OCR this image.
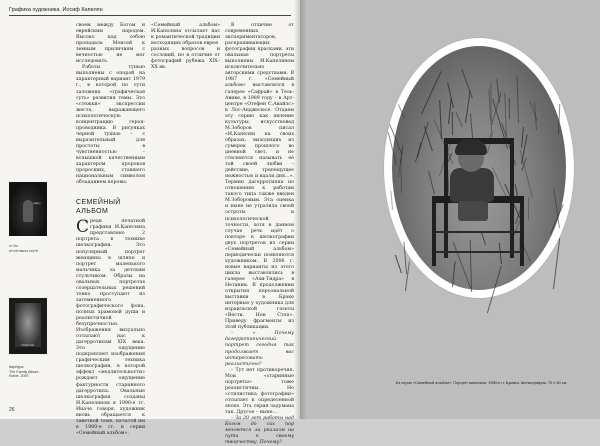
Графика художника. Иосиф Капелян
gallery
גלריה
תיקים המשפחתיים
KAPELYAN
Кaprtypa
The Family Album.
Echet. 2007.

своем между Богом и еврейским народом. Высоко над собою пропадала Моисей к земным приличиям с вечностью не мог исследовать.

Работы тушью выполнены с опорой на характерный вариант 1979 г., в которой по сути заложена «графическая суть» развития темы. Это «стежки» экспрессии жеста, выражающего психологическую концентрацию героя-проводника. В рисунках черной тушью – с выразительный для простоты в чувственностью – вспышкой качественным характером пророков проросших, ставшего национальным символом обладанием керовы.

СЕМЕЙНЫЙ АЛЬБОМ

Среди печатной графики И.Капеляна представлено 2 портрета в технике шелкографии. Это популярный портрет женщины в шляпе и портрет маленького мальчика за детским стульчиком. Образы на овальных портретах созерцательных решений тонко проступают из затемненного фотографического фона, полных храмовой души и реалистичной безупречностью. Изображения визуально отсылают нас к дагерротипам XIX века. Это ощущение подкрепляет изображения графическим техника шелкографии, в которой эффект «медлительности» рождает ощущение фактурности старинного дагерротипа. Овальные шелкографии созданы И.Капеляном в 1990-е гг. Иначе говоря, художник вновь обращается к заветной теме, начатой им в 1980-е гг. в серии «Семейный альбом».

«Семейный альбом» И.Капеляна отсылает нас к романтической традиции восходящих образов еврея

разных вопросов и сословий, но в отличие от фотографий рубежа XIX–XX вв.

В отличие от современных экспериментаторов, раскрашивающих фотографии красками, эти овальные портреты выполнены И.Капеляном исключительно авторскими средствами. В 1987 г. «Семейный альбом» выставлялся в галерее «Сафрай» в Тель-Авиве, в 1989 году – в Арт-центре «Отефен С.Авайлс» в Лос-Анджелесе. Отдаем эту серию как явление культуры, искусствовед М.Зоборов писал «И.Капелян на своих образах, выходящих из сумерек прошлого во дневной свет, и не стесняется называть её той своей любви – действие, трепещущее нежностью и вдали дня...». Термин дагерротипна по отношению к работам такого типа также введен М.Зоборовым. Эта оценка и ныне не утратила своей остроты и психологической точности, хотя в данном случае речь идёт о повторе в шелкографии двух портретов из серии «Семейный альбом» периодически появляются художником. В 2006 г. новые варианты из этого цикла выставлялись в галерее «Ахи-Тидра» в Нетании. В продолжении открытия персональной выставки в Браке интервью у художника для израильской газеты «Вести. Нон Стоп». Приведу фрагменты из этой публикации.

– « Почему дагерротипический портрет сегодня так продолжает вас интересовать реалистично?

– Тут нет противоречия. Мои «старинные портреты» тоже реалистичны. Но «стилистика фотографии» отсылает к определенной эпохе. Эта серия задумана так. Другое – ныне...

– За 20 лет работы над Богом до сих пор меняется ли реализм на пути к своему творчеству. Почему?

26
Из серии «Семейный альбом». Портрет мальчика. 1990-е гг. Бумага. Шелкография. 70 х 50 см
